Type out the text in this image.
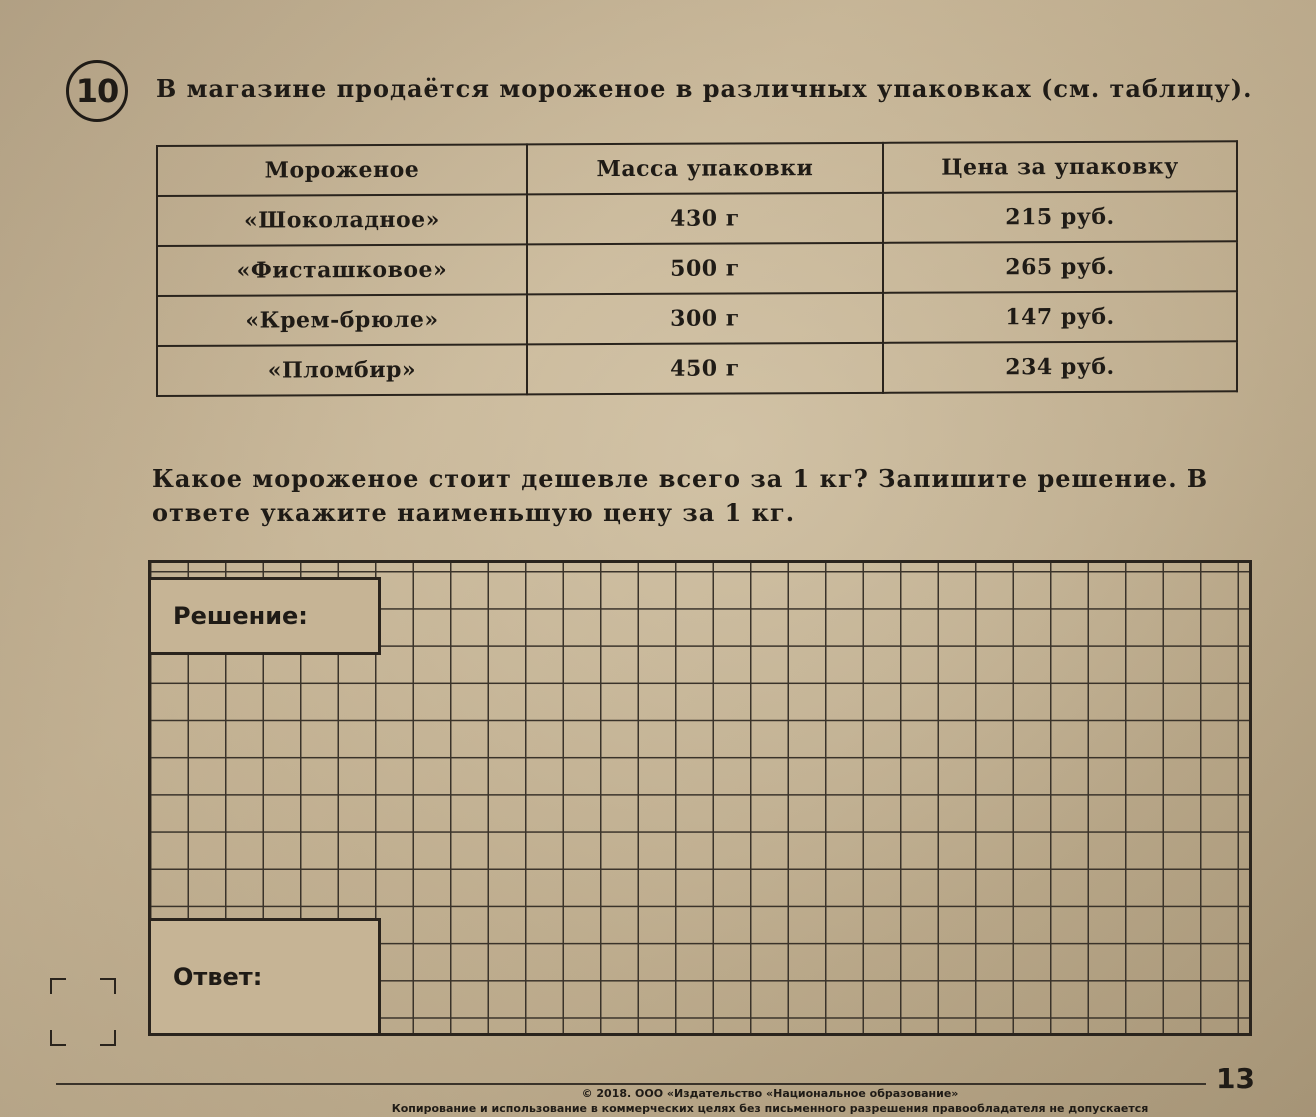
10 В магазине продаётся мороженое в различных упаковках (см. таблицу).
Мороженое	Масса упаковки	Цена за упаковку
«Шоколадное»	430 г	215 руб.
«Фисташковое»	500 г	265 руб.
«Крем-брюле»	300 г	147 руб.
«Пломбир»	450 г	234 руб.
Какое мороженое стоит дешевле всего за 1 кг? Запишите решение. В ответе укажите наименьшую цену за 1 кг.
Решение:
Ответ:
© 2018. ООО «Издательство «Национальное образование»
Копирование и использование в коммерческих целях без письменного разрешения правообладателя не допускается
13
